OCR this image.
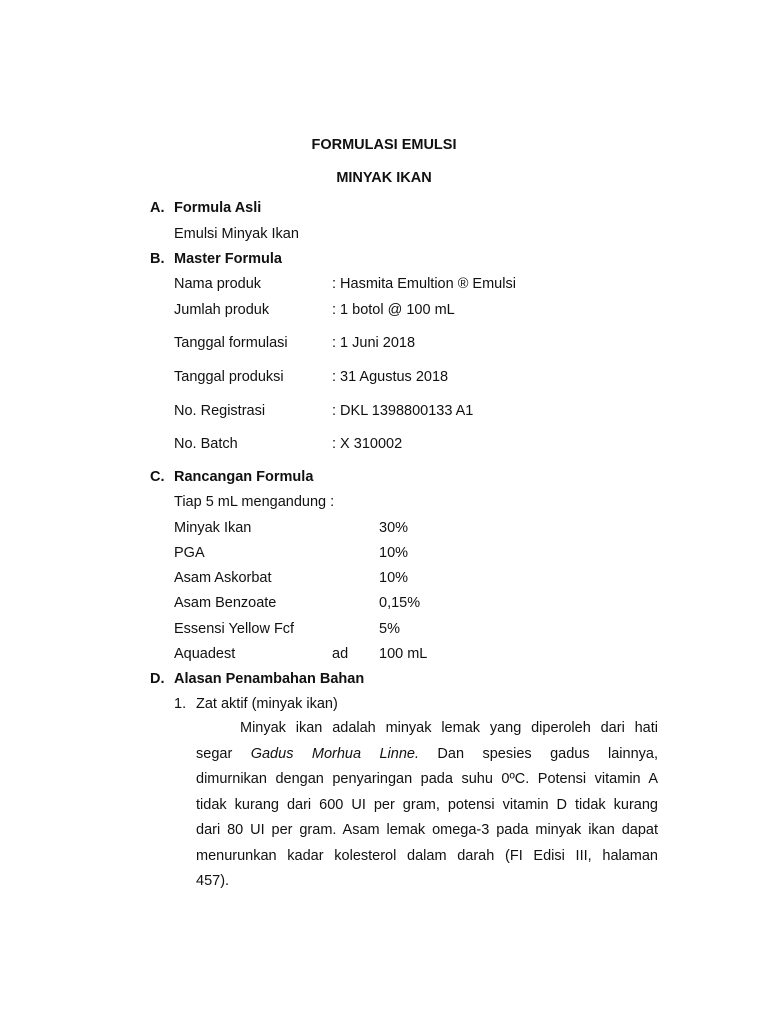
FORMULASI EMULSI
MINYAK IKAN
A. Formula Asli
Emulsi Minyak Ikan
B. Master Formula
Nama produk	: Hasmita Emultion ® Emulsi
Jumlah produk	: 1 botol @ 100 mL
Tanggal formulasi	: 1 Juni 2018
Tanggal produksi	: 31 Agustus 2018
No. Registrasi	: DKL 1398800133 A1
No. Batch	: X 310002
C. Rancangan Formula
Tiap 5 mL mengandung :
Minyak Ikan	30%
PGA	10%
Asam Askorbat	10%
Asam Benzoate	0,15%
Essensi Yellow Fcf	5%
Aquadest	ad 100 mL
D. Alasan Penambahan Bahan
1. Zat aktif (minyak ikan)
Minyak ikan adalah minyak lemak yang diperoleh dari hati
segar Gadus Morhua Linne. Dan spesies gadus lainnya,
dimurnikan dengan penyaringan pada suhu 0ºC. Potensi vitamin A
tidak kurang dari 600 UI per gram, potensi vitamin D tidak kurang
dari 80 UI per gram. Asam lemak omega-3 pada minyak ikan dapat
menurunkan kadar kolesterol dalam darah (FI Edisi III, halaman
457).
